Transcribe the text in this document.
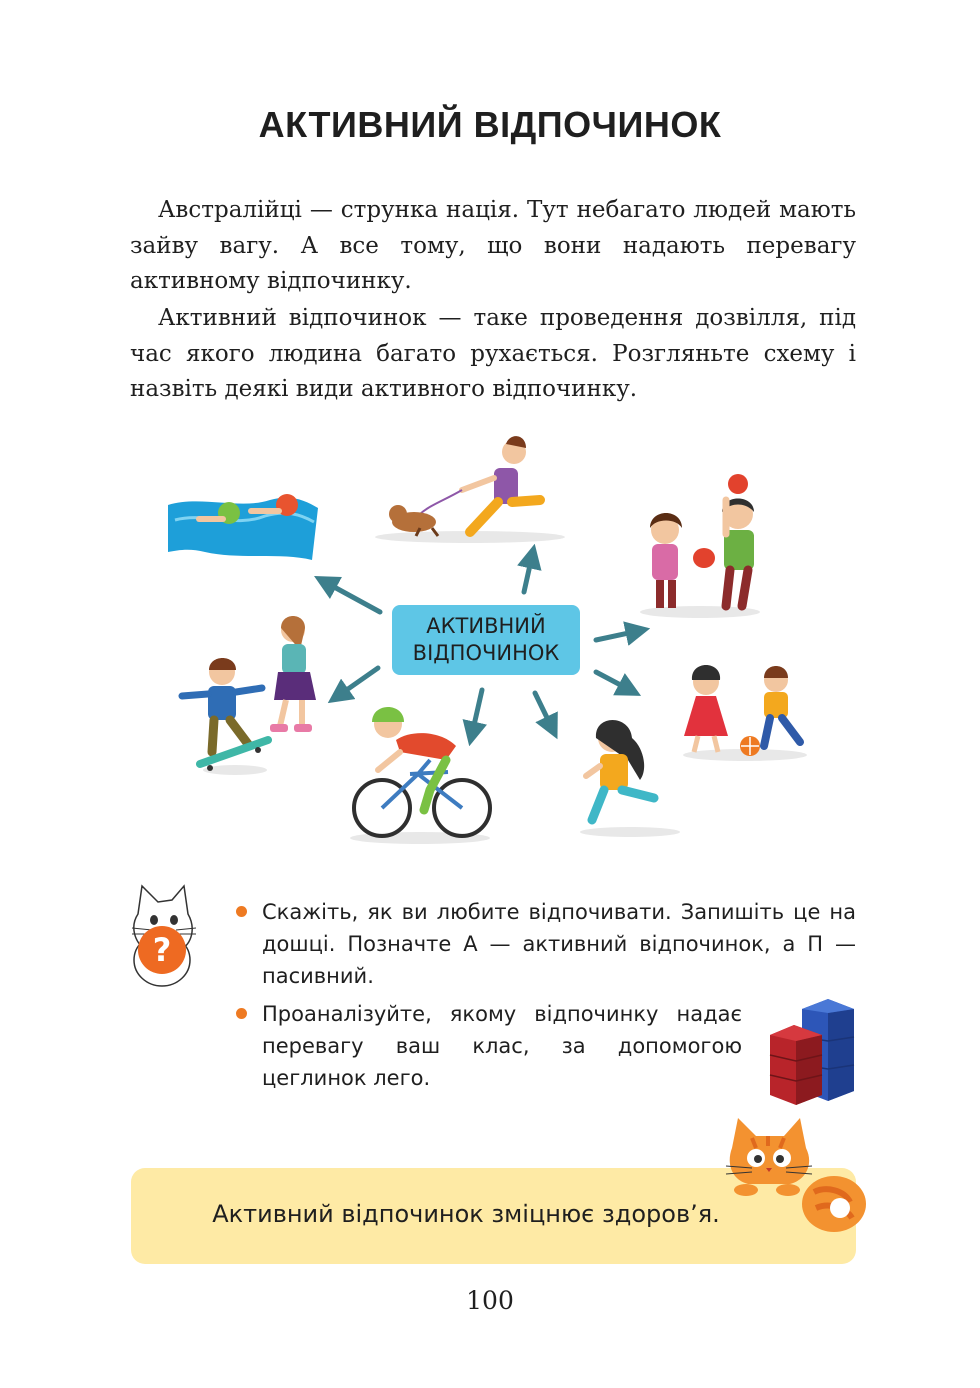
АКТИВНИЙ ВІДПОЧИНОК

Австралійці — струнка нація. Тут небагато людей мають зайву вагу. А все тому, що вони надають перевагу активному відпочинку.

Активний відпочинок — таке проведення дозвілля, під час якого людина багато рухається. Розгляньте схему і назвіть деякі види активного відпочинку.

АКТИВНИЙ
ВІДПОЧИНОК
?
Скажіть, як ви любите відпочивати. Запишіть це на дошці. Позначте А — активний відпочинок, а П — пасивний.
Проаналізуйте, якому відпочинку надає перевагу ваш клас, за допомогою цеглинок лего.
Активний відпочинок зміцнює здоров’я.
100
